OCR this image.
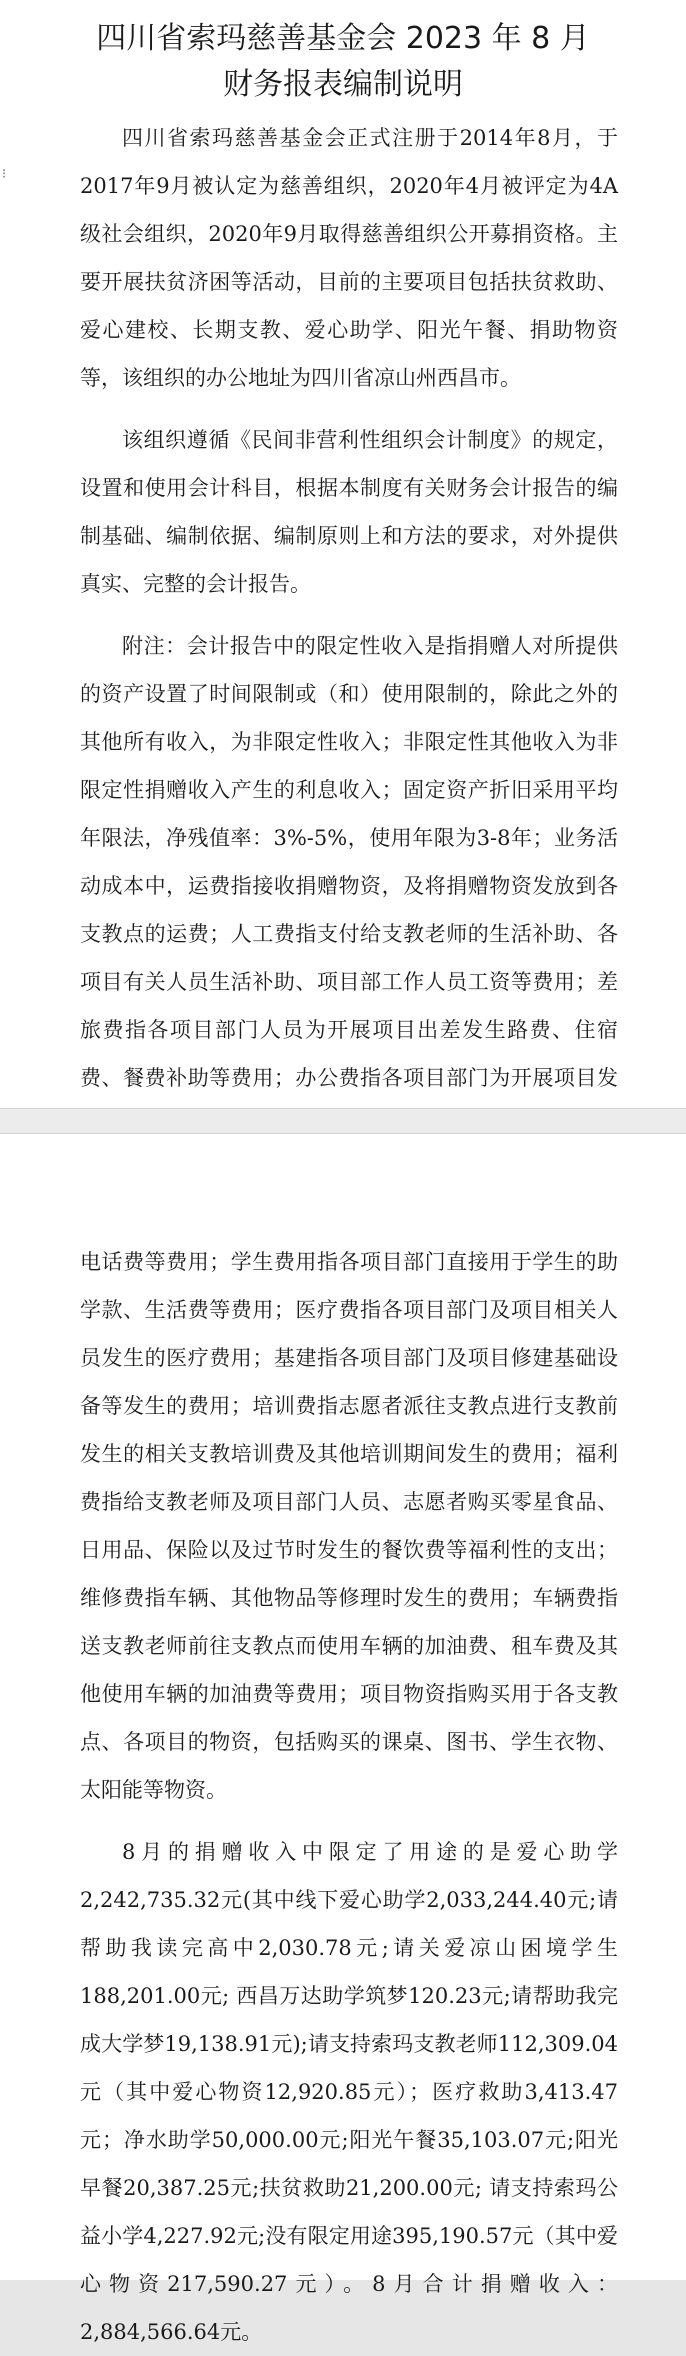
⁝
四川省索玛慈善基金会 2023 年 8 月
财务报表编制说明

四川省索玛慈善基金会正式注册于2014年8月，于2017年9月被认定为慈善组织，2020年4月被评定为4A级社会组织，2020年9月取得慈善组织公开募捐资格。主要开展扶贫济困等活动，目前的主要项目包括扶贫救助、爱心建校、长期支教、爱心助学、阳光午餐、捐助物资等，该组织的办公地址为四川省凉山州西昌市。

该组织遵循《民间非营利性组织会计制度》的规定，设置和使用会计科目，根据本制度有关财务会计报告的编制基础、编制依据、编制原则上和方法的要求，对外提供真实、完整的会计报告。

附注：会计报告中的限定性收入是指捐赠人对所提供的资产设置了时间限制或（和）使用限制的，除此之外的其他所有收入，为非限定性收入；非限定性其他收入为非限定性捐赠收入产生的利息收入；固定资产折旧采用平均年限法，净残值率：3%-5%，使用年限为3-8年；业务活动成本中，运费指接收捐赠物资，及将捐赠物资发放到各支教点的运费；人工费指支付给支教老师的生活补助、各项目有关人员生活补助、项目部工作人员工资等费用；差旅费指各项目部门人员为开展项目出差发生路费、住宿费、餐费补助等费用；办公费指各项目部门为开展项目发

电话费等费用；学生费用指各项目部门直接用于学生的助学款、生活费等费用；医疗费指各项目部门及项目相关人员发生的医疗费用；基建指各项目部门及项目修建基础设备等发生的费用；培训费指志愿者派往支教点进行支教前发生的相关支教培训费及其他培训期间发生的费用；福利费指给支教老师及项目部门人员、志愿者购买零星食品、日用品、保险以及过节时发生的餐饮费等福利性的支出；维修费指车辆、其他物品等修理时发生的费用；车辆费指送支教老师前往支教点而使用车辆的加油费、租车费及其他使用车辆的加油费等费用；项目物资指购买用于各支教点、各项目的物资，包括购买的课桌、图书、学生衣物、太阳能等物资。

8月的捐赠收入中限定了用途的是爱心助学2,242,735.32元(其中线下爱心助学2,033,244.40元;请帮助我读完高中2,030.78元;请关爱凉山困境学生188,201.00元; 西昌万达助学筑梦120.23元;请帮助我完成大学梦19,138.91元);请支持索玛支教老师112,309.04元（其中爱心物资12,920.85元）；医疗救助3,413.47元；净水助学50,000.00元;阳光午餐35,103.07元;阳光早餐20,387.25元;扶贫救助21,200.00元; 请支持索玛公益小学4,227.92元;没有限定用途395,190.57元（其中爱心物资217,590.27元）。8月合计捐赠收入：2,884,566.64元。
